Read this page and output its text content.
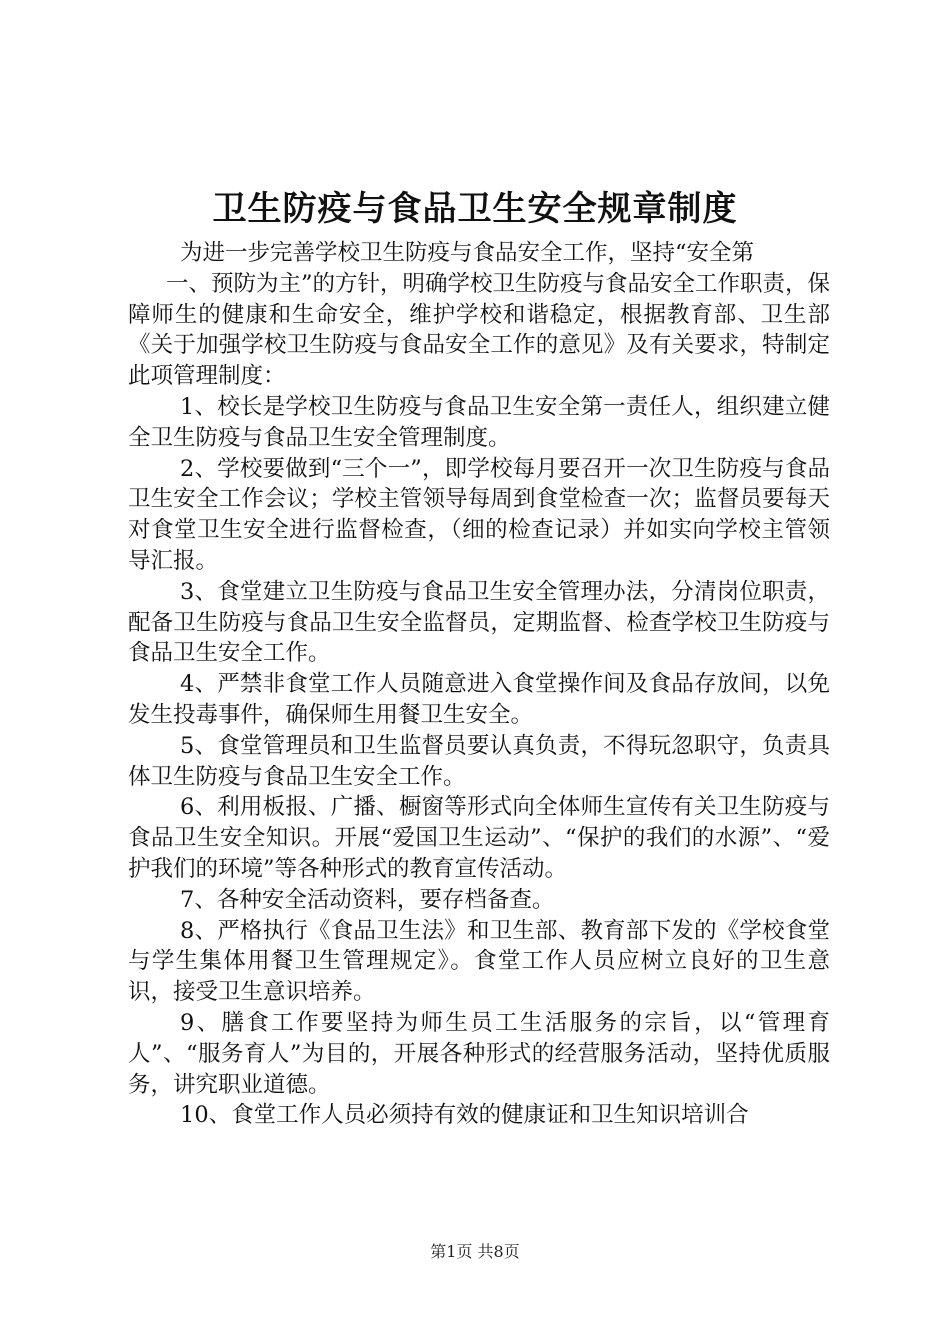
卫生防疫与食品卫生安全规章制度

为进一步完善学校卫生防疫与食品安全工作，坚持“安全第

一、预防为主”的方针，明确学校卫生防疫与食品安全工作职责，保障师生的健康和生命安全，维护学校和谐稳定，根据教育部、卫生部《关于加强学校卫生防疫与食品安全工作的意见》及有关要求，特制定此项管理制度：

1、校长是学校卫生防疫与食品卫生安全第一责任人，组织建立健全卫生防疫与食品卫生安全管理制度。

2、学校要做到“三个一”，即学校每月要召开一次卫生防疫与食品卫生安全工作会议；学校主管领导每周到食堂检查一次；监督员要每天对食堂卫生安全进行监督检查，（细的检查记录）并如实向学校主管领导汇报。

3、食堂建立卫生防疫与食品卫生安全管理办法，分清岗位职责，配备卫生防疫与食品卫生安全监督员，定期监督、检查学校卫生防疫与食品卫生安全工作。

4、严禁非食堂工作人员随意进入食堂操作间及食品存放间，以免发生投毒事件，确保师生用餐卫生安全。

5、食堂管理员和卫生监督员要认真负责，不得玩忽职守，负责具体卫生防疫与食品卫生安全工作。

6、利用板报、广播、橱窗等形式向全体师生宣传有关卫生防疫与食品卫生安全知识。开展“爱国卫生运动”、“保护的我们的水源”、“爱护我们的环境”等各种形式的教育宣传活动。

7、各种安全活动资料，要存档备查。

8、严格执行《食品卫生法》和卫生部、教育部下发的《学校食堂与学生集体用餐卫生管理规定》。食堂工作人员应树立良好的卫生意识，接受卫生意识培养。

9、膳食工作要坚持为师生员工生活服务的宗旨，以“管理育人”、“服务育人”为目的，开展各种形式的经营服务活动，坚持优质服务，讲究职业道德。

10、食堂工作人员必须持有效的健康证和卫生知识培训合

第1页 共8页
